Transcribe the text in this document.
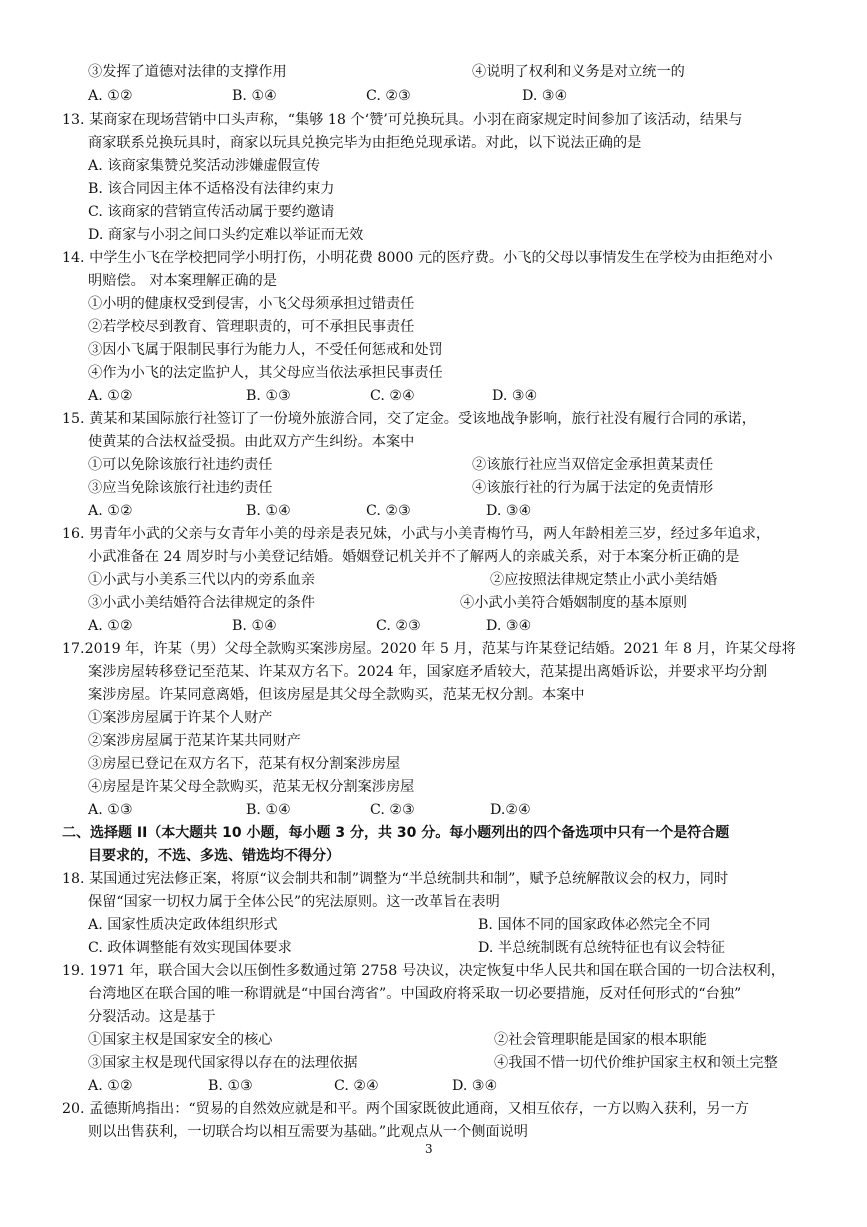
③发挥了道德对法律的支撑作用	④说明了权利和义务是对立统一的
A. ①②	B. ①④	C. ②③	D. ③④
13. 某商家在现场营销中口头声称，“集够 18 个‘赞’可兑换玩具。小羽在商家规定时间参加了该活动，结果与
商家联系兑换玩具时，商家以玩具兑换完毕为由拒绝兑现承诺。对此，以下说法正确的是
A. 该商家集赞兑奖活动涉嫌虚假宣传
B. 该合同因主体不适格没有法律约束力
C. 该商家的营销宣传活动属于要约邀请
D. 商家与小羽之间口头约定难以举证而无效
14. 中学生小飞在学校把同学小明打伤，小明花费 8000 元的医疗费。小飞的父母以事情发生在学校为由拒绝对小
明赔偿。 对本案理解正确的是
①小明的健康权受到侵害，小飞父母须承担过错责任
②若学校尽到教育、管理职责的，可不承担民事责任
③因小飞属于限制民事行为能力人，不受任何惩戒和处罚
④作为小飞的法定监护人，其父母应当依法承担民事责任
A. ①②	B. ①③	C. ②④	D. ③④
15. 黄某和某国际旅行社签订了一份境外旅游合同，交了定金。受该地战争影响，旅行社没有履行合同的承诺，
使黄某的合法权益受损。由此双方产生纠纷。本案中
①可以免除该旅行社违约责任	②该旅行社应当双倍定金承担黄某责任
③应当免除该旅行社违约责任	④该旅行社的行为属于法定的免责情形
A. ①②	B. ①④	C. ②③	D. ③④
16. 男青年小武的父亲与女青年小美的母亲是表兄妹，小武与小美青梅竹马，两人年龄相差三岁，经过多年追求，
小武准备在 24 周岁时与小美登记结婚。婚姻登记机关并不了解两人的亲戚关系，对于本案分析正确的是
①小武与小美系三代以内的旁系血亲	②应按照法律规定禁止小武小美结婚
③小武小美结婚符合法律规定的条件	④小武小美符合婚姻制度的基本原则
A. ①②	B. ①④	C. ②③	D. ③④
17.2019 年，许某（男）父母全款购买案涉房屋。2020 年 5 月，范某与许某登记结婚。2021 年 8 月，许某父母将
案涉房屋转移登记至范某、许某双方名下。2024 年，国家庭矛盾较大，范某提出离婚诉讼，并要求平均分割
案涉房屋。许某同意离婚，但该房屋是其父母全款购买，范某无权分割。本案中
①案涉房屋属于许某个人财产
②案涉房屋属于范某许某共同财产
③房屋已登记在双方名下，范某有权分割案涉房屋
④房屋是许某父母全款购买，范某无权分割案涉房屋
A. ①③	B. ①④	C. ②③	D.②④
二、选择题 II（本大题共 10 小题，每小题 3 分，共 30 分。每小题列出的四个备选项中只有一个是符合题
目要求的，不选、多选、错选均不得分）
18. 某国通过宪法修正案，将原“议会制共和制”调整为“半总统制共和制”，赋予总统解散议会的权力，同时
保留“国家一切权力属于全体公民”的宪法原则。这一改革旨在表明
A. 国家性质决定政体组织形式	B. 国体不同的国家政体必然完全不同
C. 政体调整能有效实现国体要求	D. 半总统制既有总统特征也有议会特征
19. 1971 年，联合国大会以压倒性多数通过第 2758 号决议，决定恢复中华人民共和国在联合国的一切合法权利，
台湾地区在联合国的唯一称谓就是“中国台湾省”。中国政府将采取一切必要措施，反对任何形式的“台独”
分裂活动。这是基于
①国家主权是国家安全的核心	②社会管理职能是国家的根本职能
③国家主权是现代国家得以存在的法理依据	④我国不惜一切代价维护国家主权和领土完整
A. ①②	B. ①③	C. ②④	D. ③④
20. 孟德斯鸠指出：“贸易的自然效应就是和平。两个国家既彼此通商，又相互依存，一方以购入获利，另一方
则以出售获利，一切联合均以相互需要为基础。”此观点从一个侧面说明
3
